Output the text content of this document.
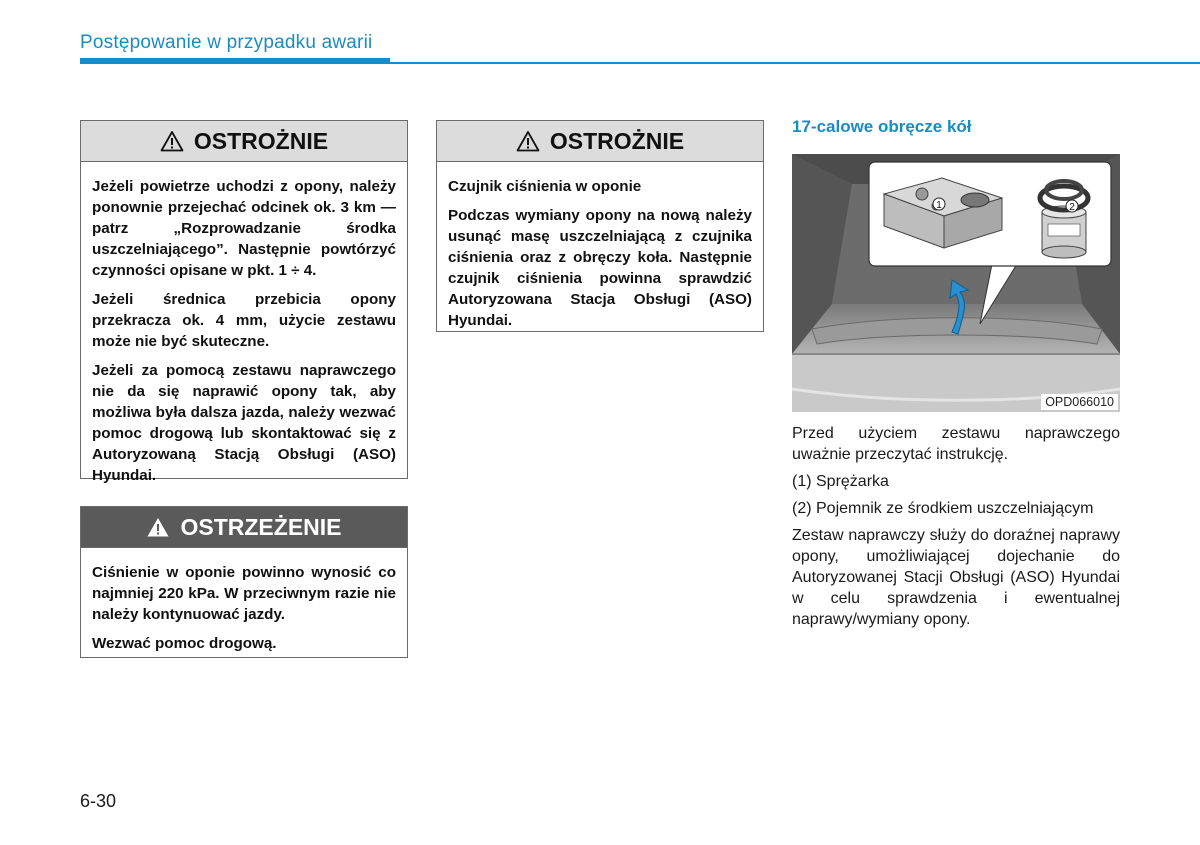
Postępowanie w przypadku awarii
OSTROŻNIE

Jeżeli powietrze uchodzi z opony, należy ponownie przejechać odcinek ok. 3 km — patrz „Rozprowadzanie środka uszczelniającego”. Następnie powtórzyć czynności opisane w pkt. 1 ÷ 4.

Jeżeli średnica przebicia opony przekracza ok. 4 mm, użycie zestawu może nie być skuteczne.

Jeżeli za pomocą zestawu naprawczego nie da się naprawić opony tak, aby możliwa była dalsza jazda, należy wezwać pomoc drogową lub skontaktować się z Autoryzowaną Stacją Obsługi (ASO) Hyundai.

OSTRZEŻENIE

Ciśnienie w oponie powinno wynosić co najmniej 220 kPa. W przeciwnym razie nie należy kontynuować jazdy.

Wezwać pomoc drogową.

OSTROŻNIE

Czujnik ciśnienia w oponie

Podczas wymiany opony na nową należy usunąć masę uszczelniającą z czujnika ciśnienia oraz z obręczy koła. Następnie czujnik ciśnienia powinna sprawdzić Autoryzowana Stacja Obsługi (ASO) Hyundai.

17-calowe obręcze kół
1	2
OPD066010

Przed użyciem zestawu naprawczego uważnie przeczytać instrukcję.

(1) Sprężarka

(2) Pojemnik ze środkiem uszczelniającym

Zestaw naprawczy służy do doraźnej naprawy opony, umożliwiającej dojechanie do Autoryzowanej Stacji Obsługi (ASO) Hyundai w celu sprawdzenia i ewentualnej naprawy/wymiany opony.

6-30
